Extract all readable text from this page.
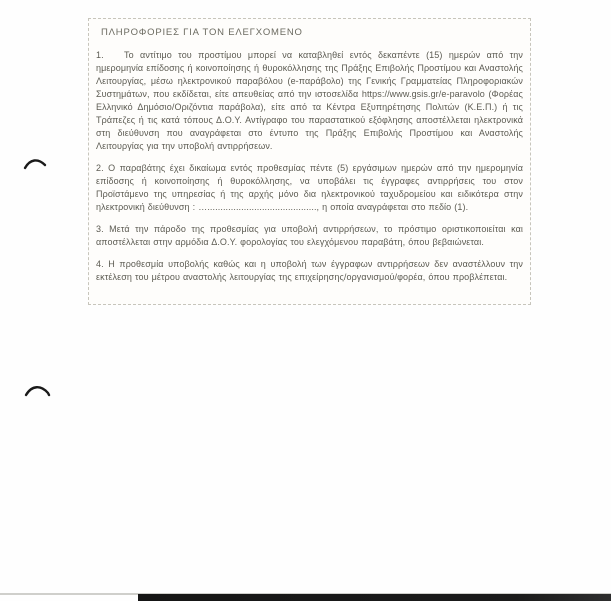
ΠΛΗΡΟΦΟΡΙΕΣ ΓΙΑ ΤΟΝ ΕΛΕΓΧΟΜΕΝΟ
1. Το αντίτιμο του προστίμου μπορεί να καταβληθεί εντός δεκαπέντε (15) ημερών από την ημερομηνία επίδοσης ή κοινοποίησης ή θυροκόλλησης της Πράξης Επιβολής Προστίμου και Αναστολής Λειτουργίας, μέσω ηλεκτρονικού παραβόλου (e-παράβολο) της Γενικής Γραμματείας Πληροφοριακών Συστημάτων, που εκδίδεται, είτε απευθείας από την ιστοσελίδα https://www.gsis.gr/e-paravolo (Φορέας Ελληνικό Δημόσιο/Οριζόντια παράβολα), είτε από τα Κέντρα Εξυπηρέτησης Πολιτών (Κ.Ε.Π.) ή τις Τράπεζες ή τις κατά τόπους Δ.Ο.Υ. Αντίγραφο του παραστατικού εξόφλησης αποστέλλεται ηλεκτρονικά στη διεύθυνση που αναγράφεται στο έντυπο της Πράξης Επιβολής Προστίμου και Αναστολής Λειτουργίας για την υποβολή αντιρρήσεων.
2. Ο παραβάτης έχει δικαίωμα εντός προθεσμίας πέντε (5) εργάσιμων ημερών από την ημερομηνία επίδοσης ή κοινοποίησης ή θυροκόλλησης, να υποβάλει τις έγγραφες αντιρρήσεις του στον Προϊστάμενο της υπηρεσίας ή της αρχής μόνο δια ηλεκτρονικού ταχυδρομείου και ειδικότερα στην ηλεκτρονική διεύθυνση : ….........................................., η οποία αναγράφεται στο πεδίο (1).
3. Μετά την πάροδο της προθεσμίας για υποβολή αντιρρήσεων, το πρόστιμο οριστικοποιείται και αποστέλλεται στην αρμόδια Δ.Ο.Υ. φορολογίας του ελεγχόμενου παραβάτη, όπου βεβαιώνεται.
4. Η προθεσμία υποβολής καθώς και η υποβολή των έγγραφων αντιρρήσεων δεν αναστέλλουν την εκτέλεση του μέτρου αναστολής λειτουργίας της επιχείρησης/οργανισμού/φορέα, όπου προβλέπεται.
